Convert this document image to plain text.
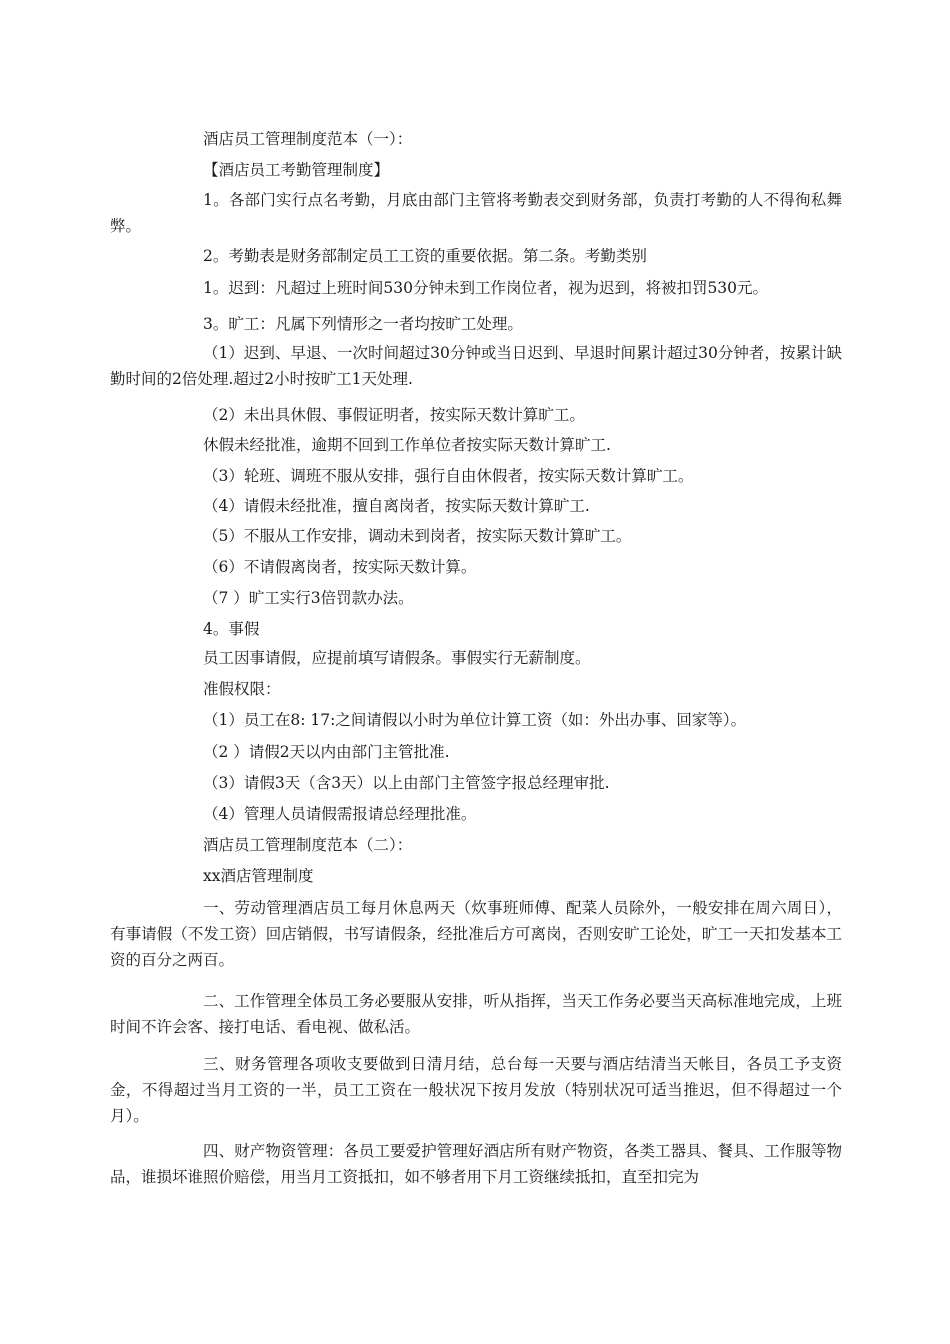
酒店员工管理制度范本（一）：
【酒店员工考勤管理制度】
1。各部门实行点名考勤，月底由部门主管将考勤表交到财务部，负责打考勤的人不得徇私舞弊。
2。考勤表是财务部制定员工工资的重要依据。第二条。考勤类别
1。迟到：凡超过上班时间530分钟未到工作岗位者，视为迟到，将被扣罚530元。
3。旷工：凡属下列情形之一者均按旷工处理。
（1）迟到、早退、一次时间超过30分钟或当日迟到、早退时间累计超过30分钟者，按累计缺勤时间的2倍处理.超过2小时按旷工1天处理.
（2）未出具休假、事假证明者，按实际天数计算旷工。
休假未经批准，逾期不回到工作单位者按实际天数计算旷工.
（3）轮班、调班不服从安排，强行自由休假者，按实际天数计算旷工。
（4）请假未经批准，擅自离岗者，按实际天数计算旷工.
（5）不服从工作安排，调动未到岗者，按实际天数计算旷工。
（6）不请假离岗者，按实际天数计算。
（7 ）旷工实行3倍罚款办法。
4。事假
员工因事请假，应提前填写请假条。事假实行无薪制度。
准假权限：
（1）员工在8: 17:之间请假以小时为单位计算工资（如：外出办事、回家等）。
（2 ）请假2天以内由部门主管批准.
（3）请假3天（含3天）以上由部门主管签字报总经理审批.
（4）管理人员请假需报请总经理批准。
酒店员工管理制度范本（二）：
xx酒店管理制度
一、劳动管理酒店员工每月休息两天（炊事班师傅、配菜人员除外，一般安排在周六周日），有事请假（不发工资）回店销假，书写请假条，经批准后方可离岗，否则安旷工论处，旷工一天扣发基本工资的百分之两百。
二、工作管理全体员工务必要服从安排，听从指挥，当天工作务必要当天高标准地完成，上班时间不许会客、接打电话、看电视、做私活。
三、财务管理各项收支要做到日清月结，总台每一天要与酒店结清当天帐目，各员工予支资金，不得超过当月工资的一半，员工工资在一般状况下按月发放（特别状况可适当推迟，但不得超过一个月）。
四、财产物资管理：各员工要爱护管理好酒店所有财产物资，各类工器具、餐具、工作服等物品，谁损坏谁照价赔偿，用当月工资抵扣，如不够者用下月工资继续抵扣，直至扣完为
